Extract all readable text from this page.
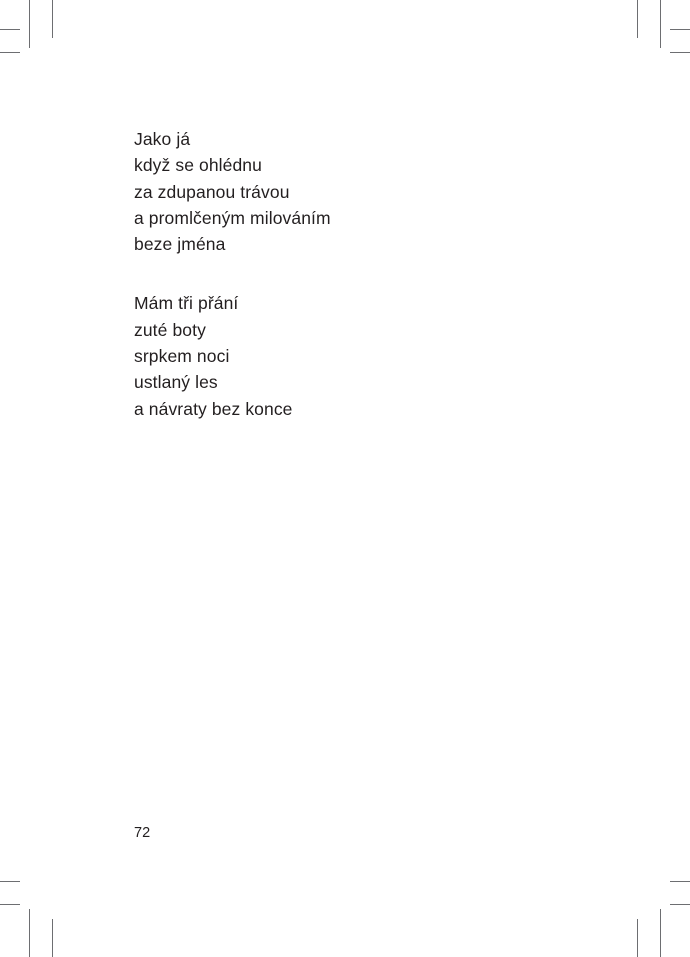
Jako já
když se ohlédnu
za zdupanou trávou
a promlčeným milováním
beze jména
Mám tři přání
zuté boty
srpkem noci
ustlaný les
a návraty bez konce
72
